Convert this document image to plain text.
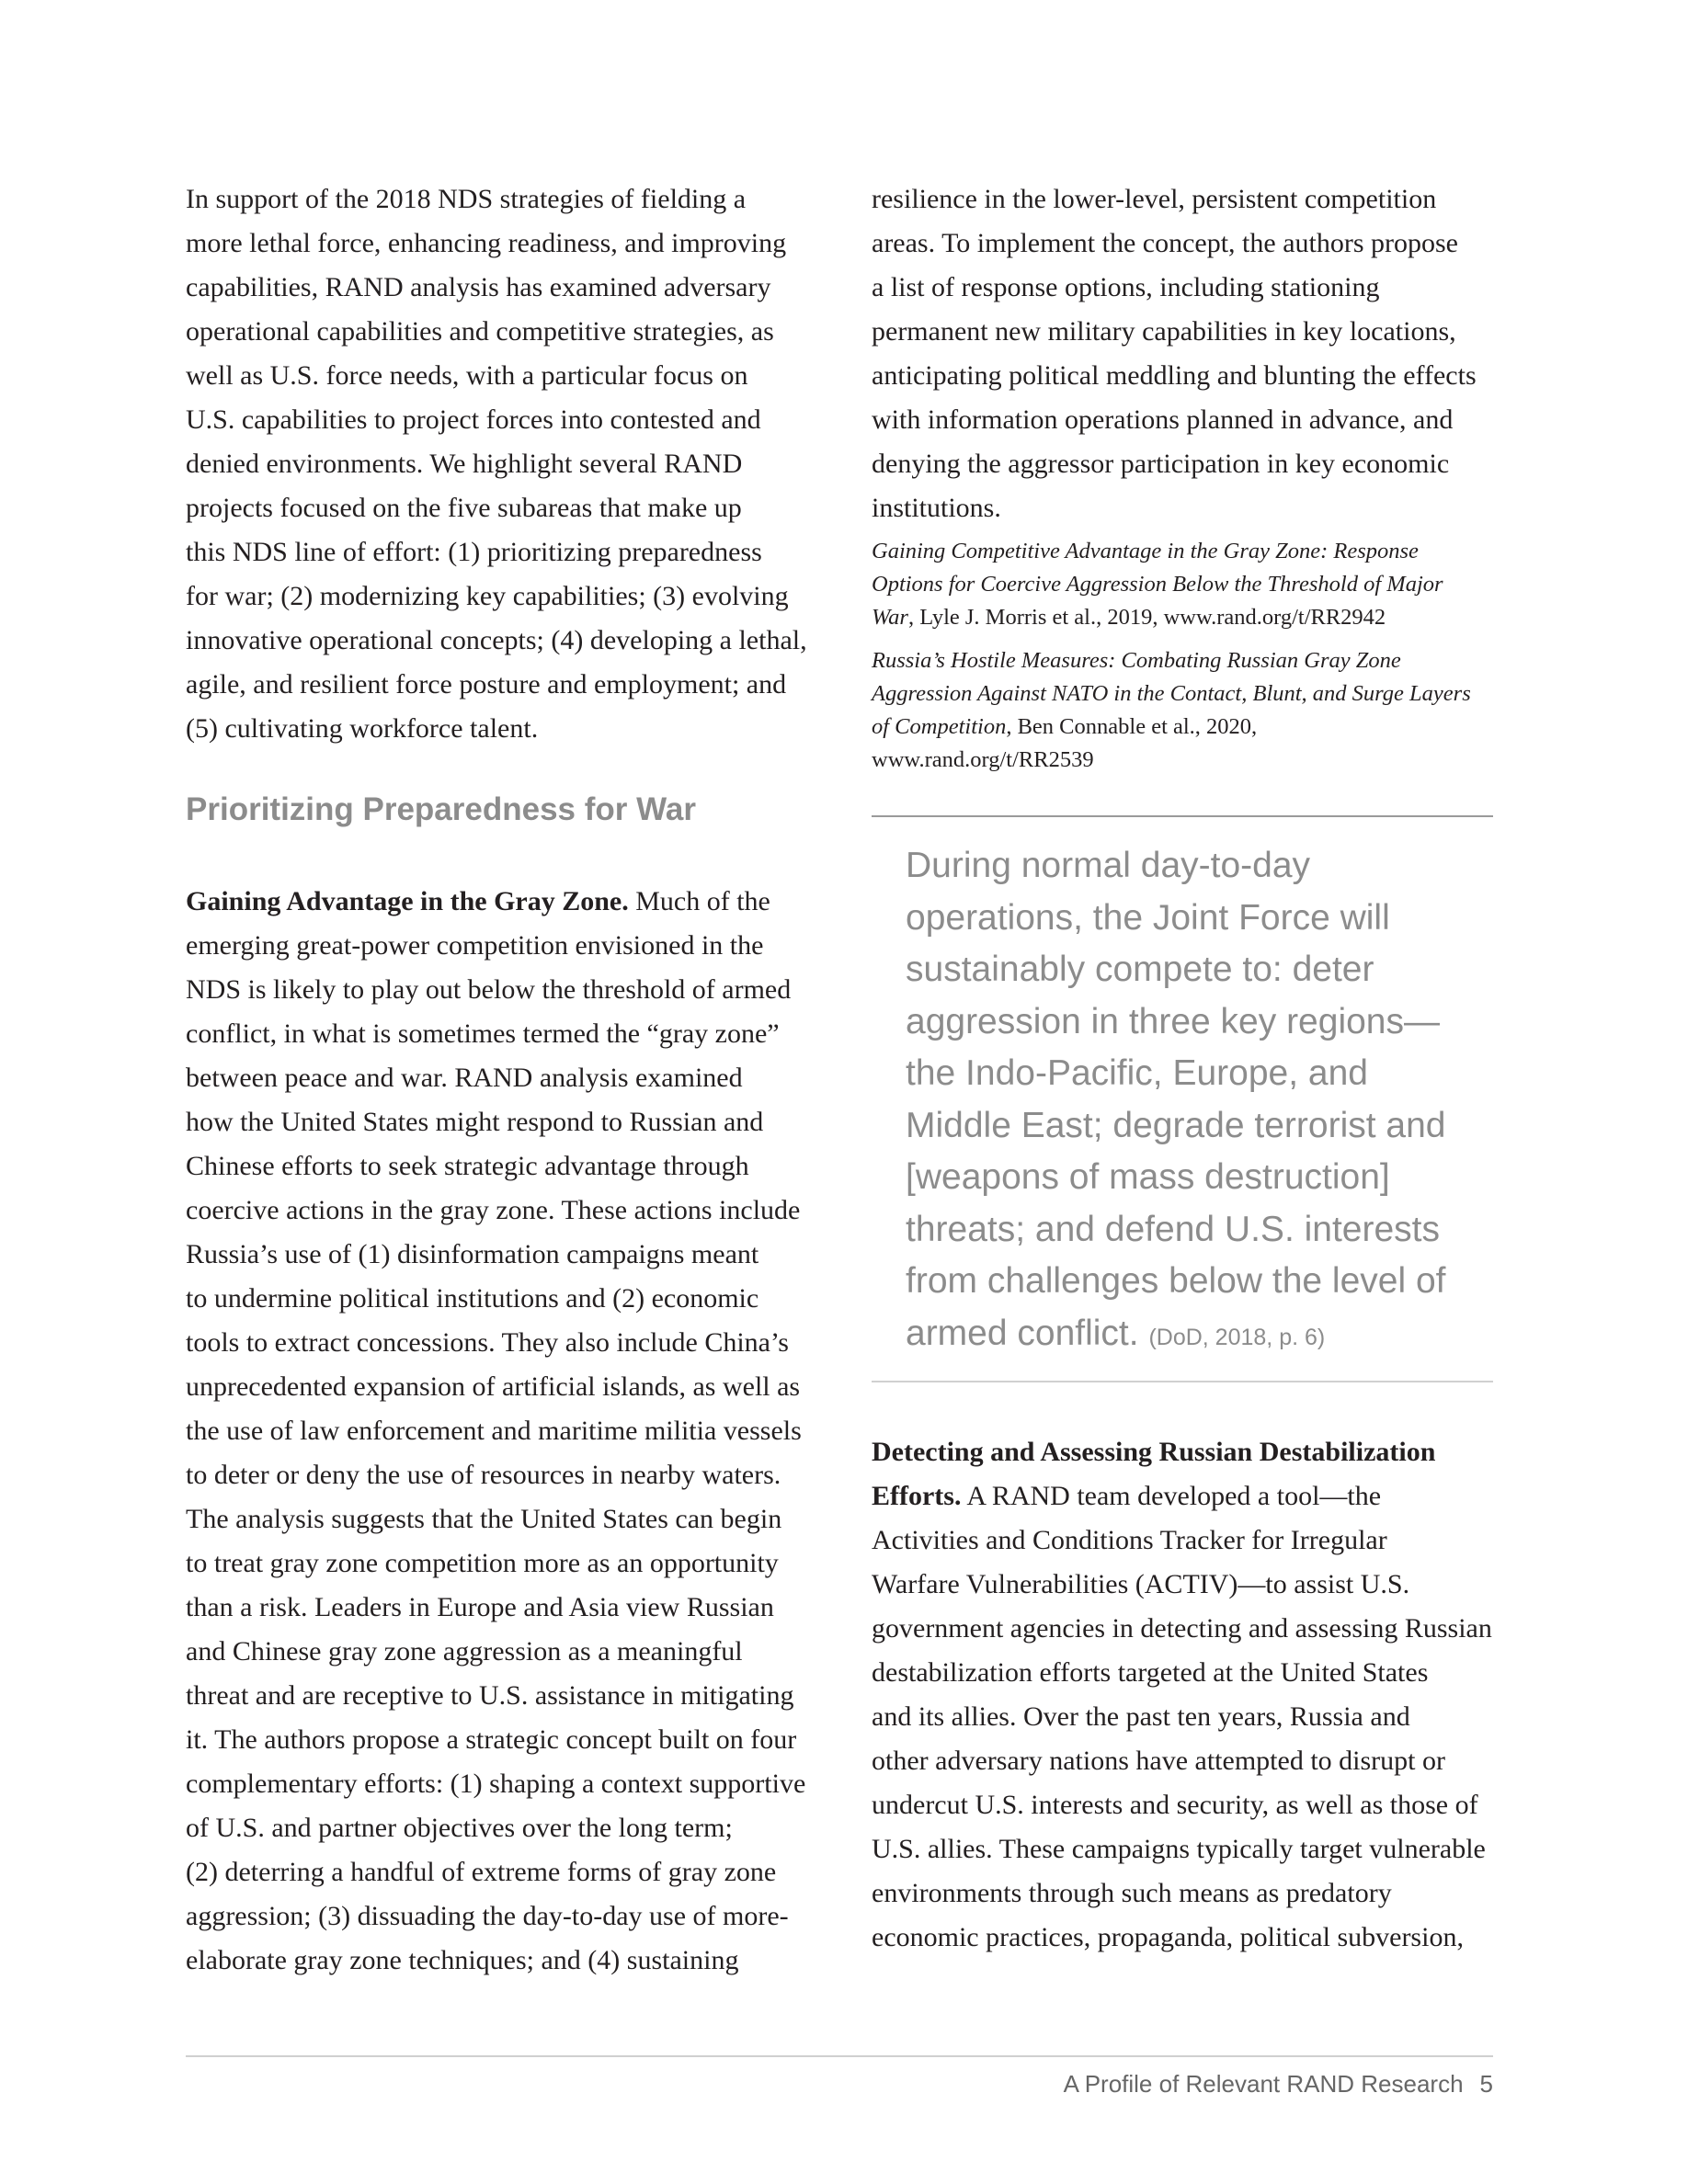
In support of the 2018 NDS strategies of fielding a
more lethal force, enhancing readiness, and improving
capabilities, RAND analysis has examined adversary
operational capabilities and competitive strategies, as
well as U.S. force needs, with a particular focus on
U.S. capabilities to project forces into contested and
denied environments. We highlight several RAND
projects focused on the five subareas that make up
this NDS line of effort: (1) prioritizing preparedness
for war; (2) modernizing key capabilities; (3) evolving
innovative operational concepts; (4) developing a lethal,
agile, and resilient force posture and employment; and
(5) cultivating workforce talent.
Prioritizing Preparedness for War
Gaining Advantage in the Gray Zone. Much of the
emerging great-power competition envisioned in the
NDS is likely to play out below the threshold of armed
conflict, in what is sometimes termed the “gray zone”
between peace and war. RAND analysis examined
how the United States might respond to Russian and
Chinese efforts to seek strategic advantage through
coercive actions in the gray zone. These actions include
Russia’s use of (1) disinformation campaigns meant
to undermine political institutions and (2) economic
tools to extract concessions. They also include China’s
unprecedented expansion of artificial islands, as well as
the use of law enforcement and maritime militia vessels
to deter or deny the use of resources in nearby waters.
The analysis suggests that the United States can begin
to treat gray zone competition more as an opportunity
than a risk. Leaders in Europe and Asia view Russian
and Chinese gray zone aggression as a meaningful
threat and are receptive to U.S. assistance in mitigating
it. The authors propose a strategic concept built on four
complementary efforts: (1) shaping a context supportive
of U.S. and partner objectives over the long term;
(2) deterring a handful of extreme forms of gray zone
aggression; (3) dissuading the day-to-day use of more-
elaborate gray zone techniques; and (4) sustaining
resilience in the lower-level, persistent competition
areas. To implement the concept, the authors propose
a list of response options, including stationing
permanent new military capabilities in key locations,
anticipating political meddling and blunting the effects
with information operations planned in advance, and
denying the aggressor participation in key economic
institutions.
Gaining Competitive Advantage in the Gray Zone: Response
Options for Coercive Aggression Below the Threshold of Major
War, Lyle J. Morris et al., 2019, www.rand.org/t/RR2942
Russia’s Hostile Measures: Combating Russian Gray Zone
Aggression Against NATO in the Contact, Blunt, and Surge Layers
of Competition, Ben Connable et al., 2020,
www.rand.org/t/RR2539
During normal day-to-day
operations, the Joint Force will
sustainably compete to: deter
aggression in three key regions—
the Indo-Pacific, Europe, and
Middle East; degrade terrorist and
[weapons of mass destruction]
threats; and defend U.S. interests
from challenges below the level of
armed conflict. (DoD, 2018, p. 6)
Detecting and Assessing Russian Destabilization
Efforts. A RAND team developed a tool—the
Activities and Conditions Tracker for Irregular
Warfare Vulnerabilities (ACTIV)—to assist U.S.
government agencies in detecting and assessing Russian
destabilization efforts targeted at the United States
and its allies. Over the past ten years, Russia and
other adversary nations have attempted to disrupt or
undercut U.S. interests and security, as well as those of
U.S. allies. These campaigns typically target vulnerable
environments through such means as predatory
economic practices, propaganda, political subversion,
A Profile of Relevant RAND Research 5
